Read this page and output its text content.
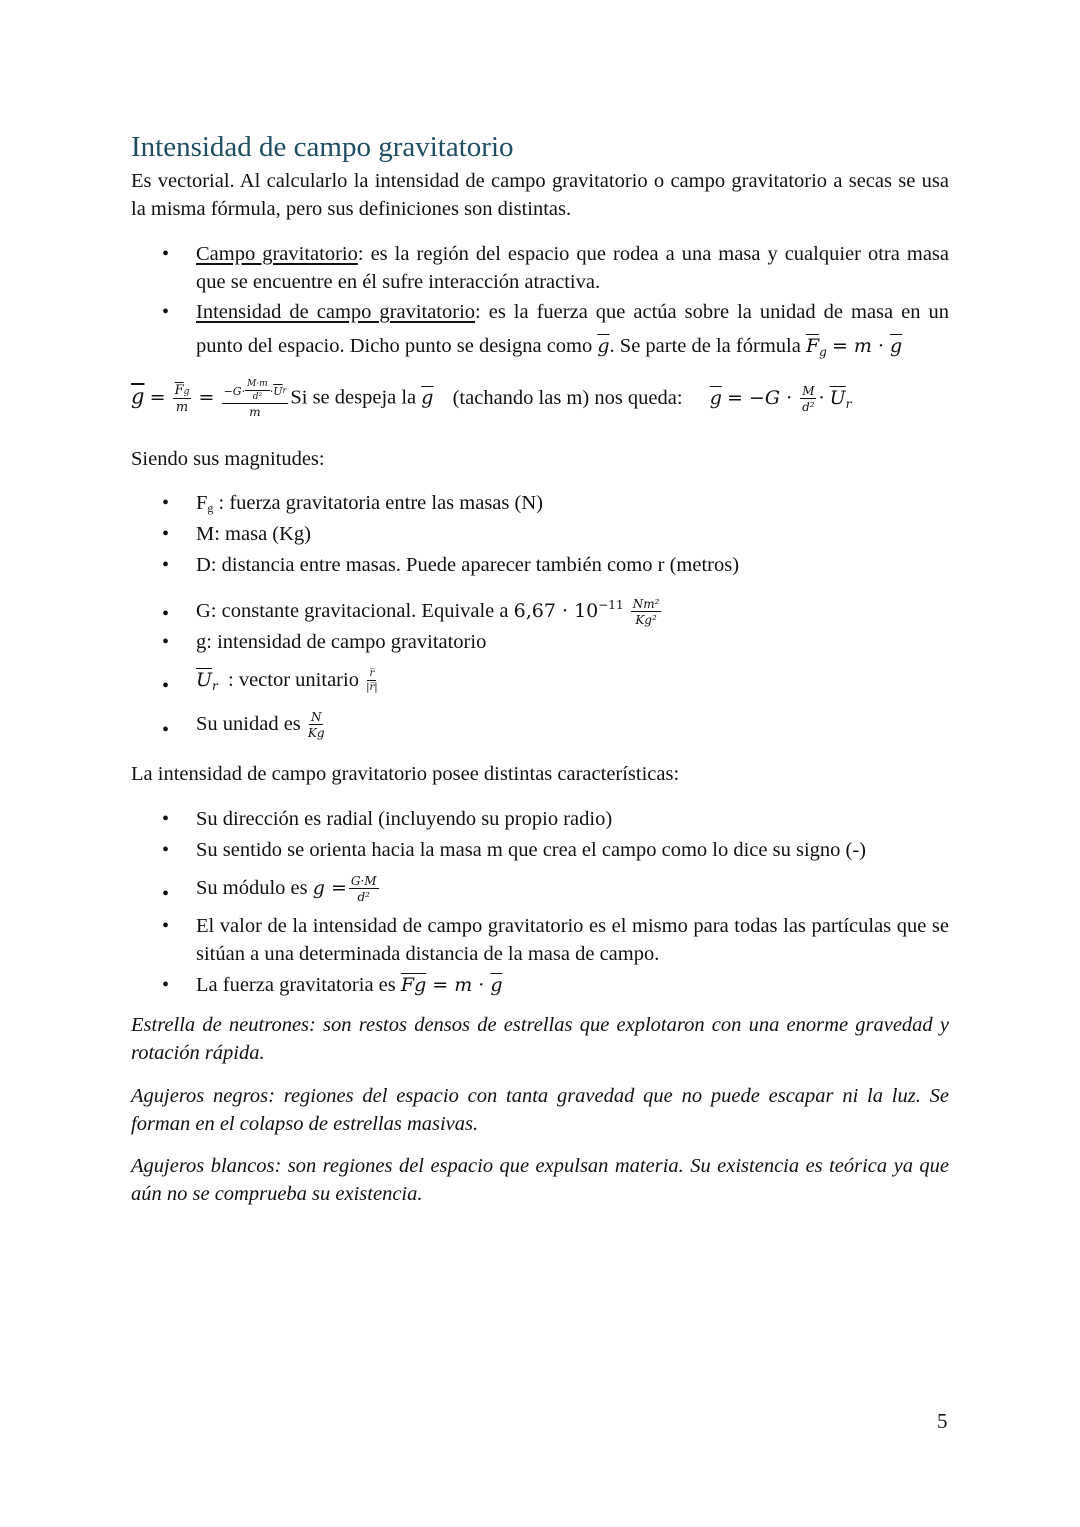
Intensidad de campo gravitatorio

Es vectorial. Al calcularlo la intensidad de campo gravitatorio o campo gravitatorio a secas se usa la misma fórmula, pero sus definiciones son distintas.

• Campo gravitatorio: es la región del espacio que rodea a una masa y cualquier otra masa que se encuentre en él sufre interacción atractiva.
• Intensidad de campo gravitatorio: es la fuerza que actúa sobre la unidad de masa en un punto del espacio. Dicho punto se designa como $\overline{g}$. Se parte de la fórmula $\overline{F}_g = m \cdot \overline{g}$
$\overline{g} = \frac{\overline{F}g}{m} = \frac{-G\cdot \frac{M\cdot m}{\text{d²}} \cdot \overline{U} r}{m}$ Si se despeja la $\overline{g}$ (tachando las m) nos queda: $\overline{g} = -G \cdot \frac{M}{\text{d²}} \cdot \overline{U}_r$

Siendo sus magnitudes:

• Fg : fuerza gravitatoria entre las masas (N)
• M: masa (Kg)
• D: distancia entre masas. Puede aparecer también como r (metros)
• G: constante gravitacional. Equivale a $6,67 \cdot 10^{-11} \frac{\text{Nm²}}{\text{Kg²}}$
• g: intensidad de campo gravitatorio
• $\overline{U}_r$  : vector unitario $\frac{r̅}{|r̅|}$
• Su unidad es $\frac{N}{Kg}$

La intensidad de campo gravitatorio posee distintas características:

• Su dirección es radial (incluyendo su propio radio)
• Su sentido se orienta hacia la masa m que crea el campo como lo dice su signo (-)
• Su módulo es $g = \frac{G\cdot M}{\text{d²}}$
• El valor de la intensidad de campo gravitatorio es el mismo para todas las partículas que se sitúan a una determinada distancia de la masa de campo.
• La fuerza gravitatoria es $\overline{Fg} = m \cdot \overline{g}$

Estrella de neutrones: son restos densos de estrellas que explotaron con una enorme gravedad y rotación rápida.

Agujeros negros: regiones del espacio con tanta gravedad que no puede escapar ni la luz. Se forman en el colapso de estrellas masivas.

Agujeros blancos: son regiones del espacio que expulsan materia. Su existencia es teórica ya que aún no se comprueba su existencia.

5
